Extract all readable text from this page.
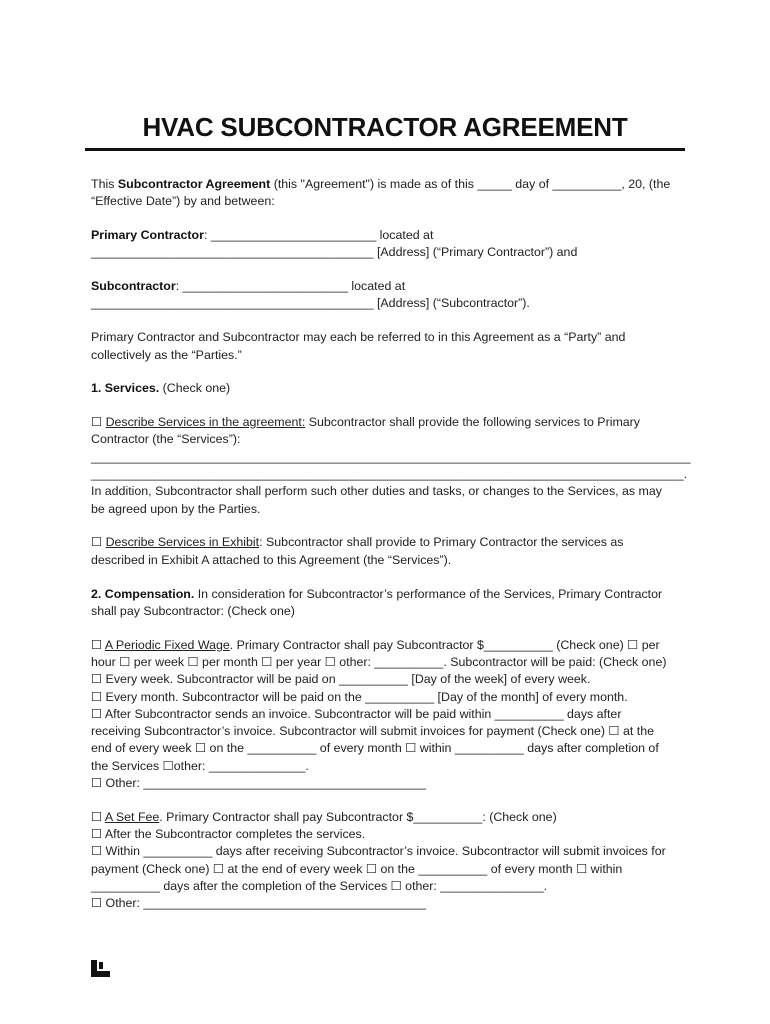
HVAC SUBCONTRACTOR AGREEMENT
This Subcontractor Agreement (this "Agreement") is made as of this _____ day of __________, 20, (the
“Effective Date”) by and between:
Primary Contractor: ________________________ located at
_________________________________________ [Address] (“Primary Contractor”) and
Subcontractor: ________________________ located at
_________________________________________ [Address] (“Subcontractor”).
Primary Contractor and Subcontractor may each be referred to in this Agreement as a “Party” and
collectively as the “Parties.”
1. Services. (Check one)
☐ Describe Services in the agreement: Subcontractor shall provide the following services to Primary
Contractor (the “Services”):
_______________________________________________________________________________________
______________________________________________________________________________________.
In addition, Subcontractor shall perform such other duties and tasks, or changes to the Services, as may
be agreed upon by the Parties.
☐ Describe Services in Exhibit: Subcontractor shall provide to Primary Contractor the services as
described in Exhibit A attached to this Agreement (the “Services”).
2. Compensation. In consideration for Subcontractor’s performance of the Services, Primary Contractor
shall pay Subcontractor: (Check one)
☐ A Periodic Fixed Wage. Primary Contractor shall pay Subcontractor $__________ (Check one) ☐ per
hour ☐ per week ☐ per month ☐ per year ☐ other: __________. Subcontractor will be paid: (Check one)
☐ Every week. Subcontractor will be paid on __________ [Day of the week] of every week.
☐ Every month. Subcontractor will be paid on the __________ [Day of the month] of every month.
☐ After Subcontractor sends an invoice. Subcontractor will be paid within __________ days after
receiving Subcontractor’s invoice. Subcontractor will submit invoices for payment (Check one) ☐ at the
end of every week ☐ on the __________ of every month ☐ within __________ days after completion of
the Services ☐other: ______________.
☐ Other: _________________________________________
☐ A Set Fee. Primary Contractor shall pay Subcontractor $__________: (Check one)
☐ After the Subcontractor completes the services.
☐ Within __________ days after receiving Subcontractor’s invoice. Subcontractor will submit invoices for
payment (Check one) ☐ at the end of every week ☐ on the __________ of every month ☐ within
__________ days after the completion of the Services ☐ other: _______________.
☐ Other: _________________________________________
